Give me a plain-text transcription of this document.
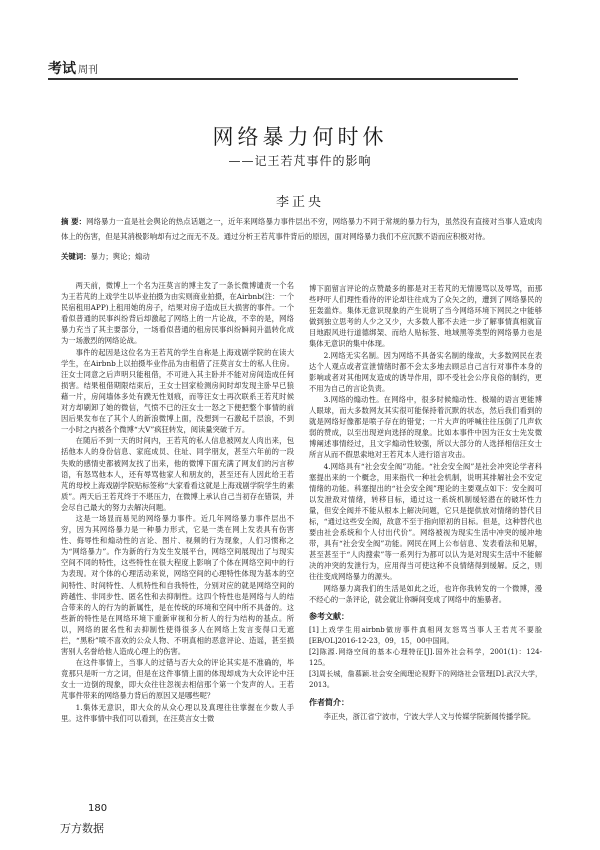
考试 周刊
网络暴力何时休
——记王若芃事件的影响
李正央
摘 要：网络暴力一直是社会舆论的热点话题之一，近年来网络暴力事件层出不穷，网络暴力不同于常规的暴力行为，虽然没有直接对当事人造成肉体上的伤害，但是其消极影响却有过之而无不及。通过分析王若芃事件背后的原因，面对网络暴力我们不应沉默不语而应积极对待。
关键词：暴力；舆论；煽动

两天前，微博上一个名为汪莫言的博主发了一条长微博谴责一个名为王若芃的上戏学生以毕业拍摄为由实则商业拍摄，在Airbnb(注：一个民宿租用APP)上租用她的房子，结果对房子造成巨大损害的事件。一个看似普通的民事纠纷背后却激起了网络上的一片论战，不幸的是，网络暴力充当了其主要部分，一场看似普通的租房民事纠纷瞬间升温转化成为一场激烈的网络论战。

事件的起因是这位名为王若芃的学生自称是上海戏剧学院的在读大学生，在Airbnb上以拍摄毕业作品为由租借了汪莫言女士的私人住房。汪女士同意之后声明只能租借，不可进入其主卧并不能对房间造成任何损害。结果租借期限结束后，王女士回家检测房间时却发现主卧早已狼藉一片，房间墙体多处有蹼无性划痕，而等汪女士再次联系王若芃时候对方却刷卸了她的微信，气愤不已的汪女士一怒之下便把整个事情的前因后果发布在了其个人的新浪微博上面，没想到一石激起千层浪，不到一小时之内被各个微博“大V”疯狂转发，阅读量突破千万。

在随后不到一天的时间内，王若芃的私人信息被网友人肉出来，包括他本人的身份信息、家庭成员、住址、同学朋友，甚至六年前的一段失败的感情史都被网友找了出来，他的微博下面充满了网友们的污言秽语，有怒骂他本人，还有辱骂他家人和朋友的，甚至还有人因此给王若芃的母校上海戏剧学院贴标签称“大家看看这就是上海戏剧学院学生的素质”。两天后王若芃终于不堪压力，在微博上承认自己当初存在错误，并会尽自己最大的努力去解决问题。

这是一场显而易见的网络暴力事件。近几年网络暴力事件层出不穷，因为其网络暴力是一种暴力形式，它是一类在网上发表具有伤害性、侮辱性和煽动性的言论、图片、视频的行为现象，人们习惯称之为“网络暴力”。作为新的行为发生发展平台，网络空间展现出了与现实空间不同的特性，这些特性在很大程度上影响了个体在网络空间中的行为表现。对个体的心理活动来说，网络空间的心理特性体现为基本的空间特性、时间特性、人机特性和自我特性，分别对应的就是网络空间的跨越性、非同步性、匿名性和去抑制性。这四个特性也是网络与人的结合带来的人的行为的新属性，是在传统的环境和空间中所不具备的。这些新的特性是在网络环境下重新审视和分析人的行为结构的基点。所以，网络的匿名性和去抑制性使得很多人在网络上发言变得口无遮拦，“黑粉”喷不喜欢的公众人物、不明真相的恶意评论、造谣，甚至损害别人名誉给他人造成心理上的伤害。

在这件事情上，当事人的过错与否大众的评论其实是不准确的，毕竟那只是听一方之词，但是在这件事情上面的体现却成为大众评论中汪女士一边倒的现象，即大众往往忽视去相信那个第一个发声的人。王若芃事件带来的网络暴力背后的原因又是哪些呢？

1.集体无意识，即大众的从众心理以及真理往往掌握在少数人手里。这件事情中我们可以看到，在汪莫言女士微

博下面留言评论的点赞最多的都是对王若芃的无情谩骂以及辱骂，而那些呼吁人们理性看待的评论却往往成为了众矢之的，遭到了网络暴民的狂轰滥炸。集体无意识现象的产生说明了当今网络环境下网民之中能够做到独立思考的人少之又少，大多数人都不去进一步了解事情真相就盲目地跟风进行道德绑架、而给人贴标签、地域黑等类型的网络暴力也是集体无意识的集中体现。

2.网络无实名制。因为网络不具备实名制的缘故，大多数网民在表达个人观点或者宣泄情绪时都不会太多地去顾忌自己言行对事件本身的影响或者对其他网友造成的诱导作用，即不受社会公序良俗的制约，更不用为自己的言论负责。

3.网络的煽动性。在网络中，很多时候煽动性、极端的语言更能博人眼球，而大多数网友其实很可能保持着沉默的状态，然后我们看到的就是网络好像都是喷子存在的错觉；一片大声的呼喊往往压倒了几声软弱的赞成，以至出现逆向选择的现象。比如本事件中因为汪女士先发微博阐述事情经过，且文字煽动性较强，所以大部分的人选择相信汪女士所言从而不假思索地对王若芃本人进行语言攻击。

4.网络具有“社会安全阀”功能。“社会安全阀”是社会冲突论学者科塞提出来的一个概念，用来指代一种社会机制，说明其排解社会不安定情绪的功能。科塞提出的“社会安全阀”理论的主要观点如下：安全阀可以发泄敌对情绪，转移目标，通过这一系统机制缓轻潜在的破坏性力量，但安全阀并不能从根本上解决问题，它只是提供放对情绪的替代目标，“通过这些安全阀，敌意不至于指向原初的目标。但是，这种替代也要由社会系统和个人付出代价”。网络被视为现实生活中冲突的缓冲地带，具有“社会安全阀”功能。网民在网上公布信息、发表看法和见解，甚至甚至于“人肉搜索”等一系列行为都可以认为是对现实生活中不能解决的冲突的发泄行为，应用得当可使这种不良情绪得到缓解。反之，则往往变成网络暴力的源头。

网络暴力离我们的生活是如此之近，也许你我转发的一个微博，漫不经心的一条评论，就会就让你瞬间变成了网络中的施暴者。

参考文献：

[1]上戏学生用airbnb做房事件真相网友怒骂当事人王若芃不要脸[EB/OL]2016-12-23，09，15，00中国网。

[2]陈源.网络空间的基本心理特征[J].国外社会科学，2001(1)：124-125。

[3]周长城，詹慕颖.社会安全阀理论视野下的网络社会管理[D].武汉大学，2013。

作者简介：

李正央，浙江省宁波市，宁波大学人文与传媒学院新闻传播学院。

180
万方数据
